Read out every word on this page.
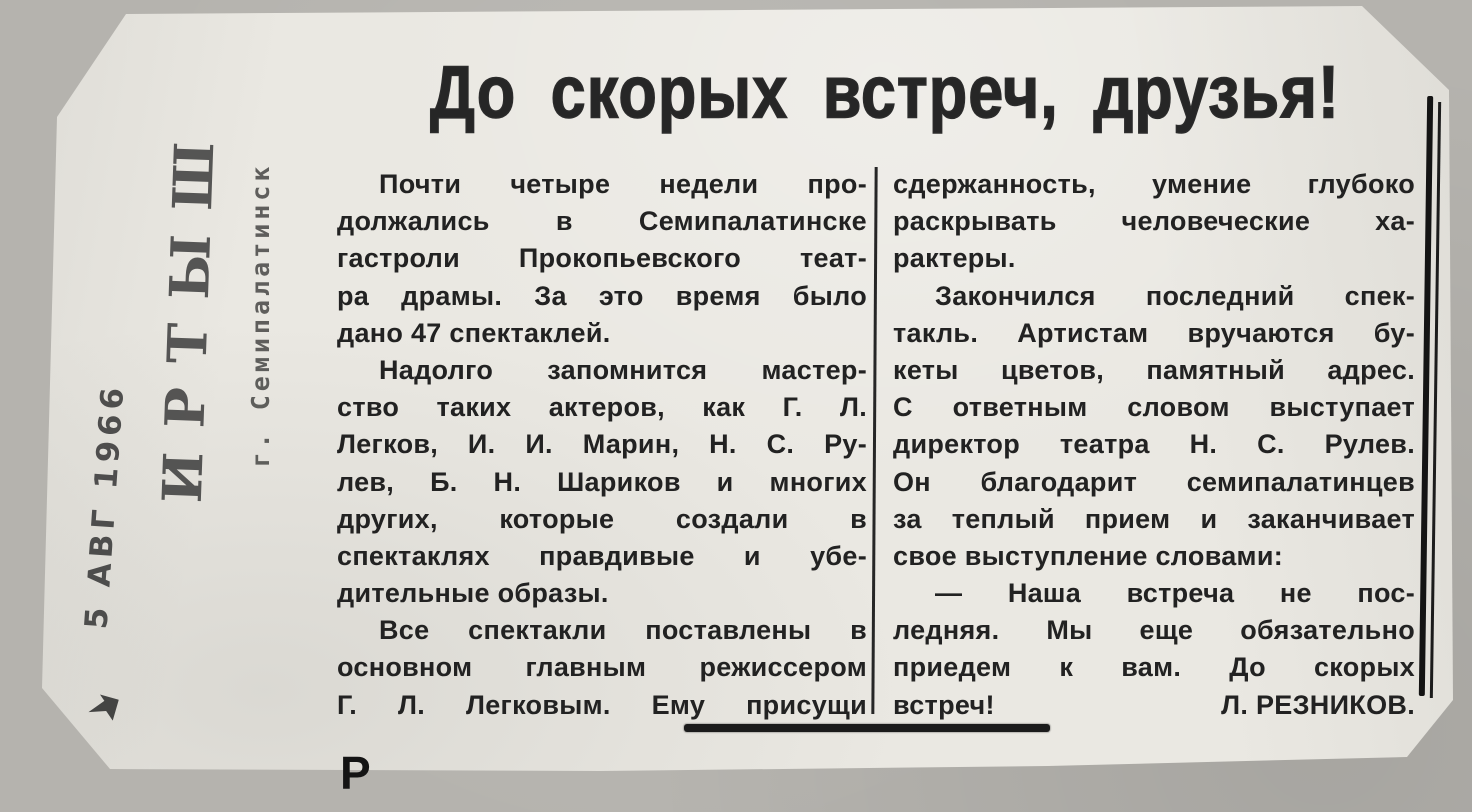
До скорых встреч, друзья!
Почти четыре недели про-
должались в Семипалатинске
гастроли Прокопьевского теат-
ра драмы. За это время было
дано 47 спектаклей.
Надолго запомнится мастер-
ство таких актеров, как Г. Л.
Легков, И. И. Марин, Н. С. Ру-
лев, Б. Н. Шариков и многих
других, которые создали в
спектаклях правдивые и убе-
дительные образы.
Все спектакли поставлены в
основном главным режиссером
Г. Л. Легковым. Ему присущи
сдержанность, умение глубоко
раскрывать человеческие ха-
рактеры.
Закончился последний спек-
такль. Артистам вручаются бу-
кеты цветов, памятный адрес.
С ответным словом выступает
директор театра Н. С. Рулев.
Он благодарит семипалатинцев
за теплый прием и заканчивает
свое выступление словами:
— Наша встреча не пос-
ледняя. Мы еще обязательно
приедем к вам. До скорых
встреч!	Л. РЕЗНИКОВ.
5 АВГ 1966
ИРТЫШ г. Семипалатинск
Р
